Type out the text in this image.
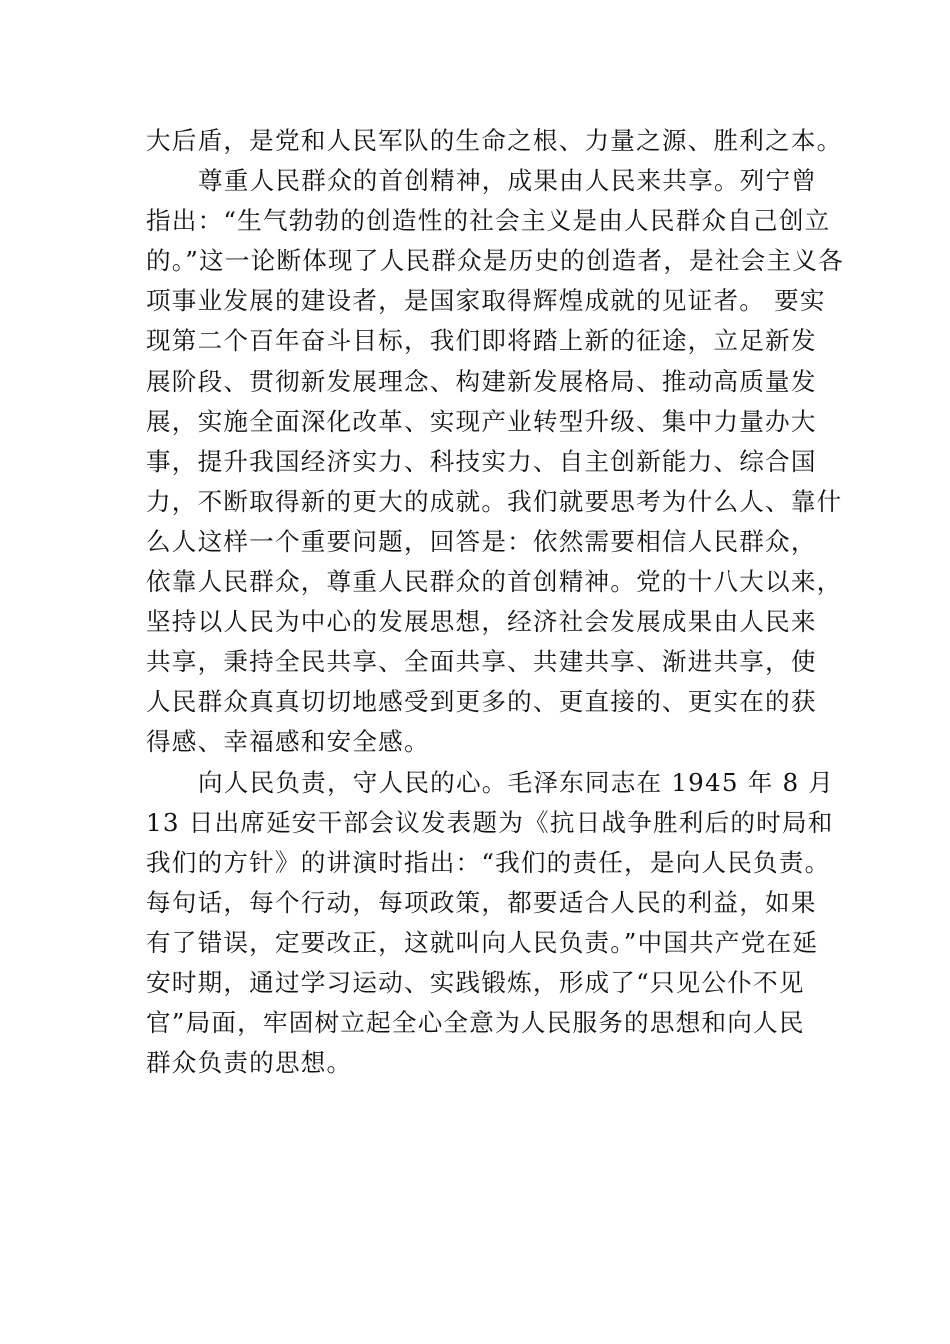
大后盾，是党和人民军队的生命之根、力量之源、胜利之本。
尊重人民群众的首创精神，成果由人民来共享。列宁曾
指出：“生气勃勃的创造性的社会主义是由人民群众自己创立
的。”这一论断体现了人民群众是历史的创造者，是社会主义各
项事业发展的建设者，是国家取得辉煌成就的见证者。 要实
现第二个百年奋斗目标，我们即将踏上新的征途，立足新发
展阶段、贯彻新发展理念、构建新发展格局、推动高质量发
展，实施全面深化改革、实现产业转型升级、集中力量办大
事，提升我国经济实力、科技实力、自主创新能力、综合国
力，不断取得新的更大的成就。我们就要思考为什么人、靠什
么人这样一个重要问题，回答是：依然需要相信人民群众，
依靠人民群众，尊重人民群众的首创精神。党的十八大以来，
坚持以人民为中心的发展思想，经济社会发展成果由人民来
共享，秉持全民共享、全面共享、共建共享、渐进共享，使
人民群众真真切切地感受到更多的、更直接的、更实在的获
得感、幸福感和安全感。
向人民负责，守人民的心。毛泽东同志在 1945 年 8 月
13 日出席延安干部会议发表题为《抗日战争胜利后的时局和
我们的方针》的讲演时指出：“我们的责任，是向人民负责。
每句话，每个行动，每项政策，都要适合人民的利益，如果
有了错误，定要改正，这就叫向人民负责。”中国共产党在延
安时期，通过学习运动、实践锻炼，形成了“只见公仆不见
官”局面，牢固树立起全心全意为人民服务的思想和向人民
群众负责的思想。
